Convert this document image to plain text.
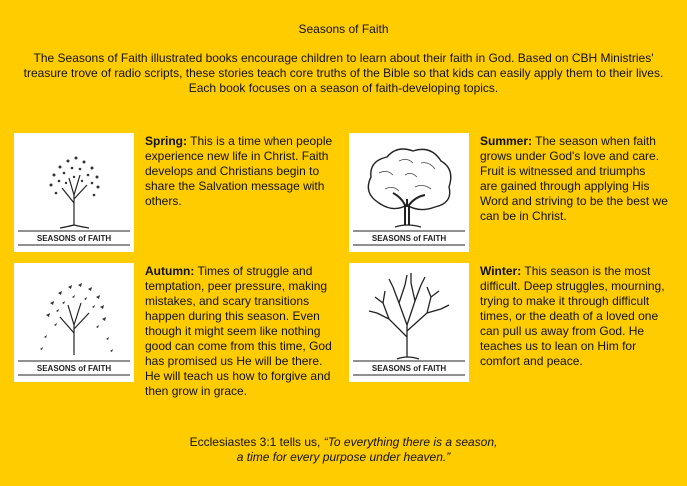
Seasons of Faith
The Seasons of Faith illustrated books encourage children to learn about their faith in God. Based on CBH Ministries'
treasure trove of radio scripts, these stories teach core truths of the Bible so that kids can easily apply them to their lives.
Each book focuses on a season of faith-developing topics.
SEASONS of FAITH
Spring: This is a time when people
experience new life in Christ. Faith
develops and Christians begin to
share the Salvation message with
others.
SEASONS of FAITH
Summer: The season when faith
grows under God's love and care.
Fruit is witnessed and triumphs
are gained through applying His
Word and striving to be the best we
can be in Christ.
SEASONS of FAITH
Autumn: Times of struggle and
temptation, peer pressure, making
mistakes, and scary transitions
happen during this season. Even
though it might seem like nothing
good can come from this time, God
has promised us He will be there.
He will teach us how to forgive and
then grow in grace.
SEASONS of FAITH
Winter: This season is the most
difficult. Deep struggles, mourning,
trying to make it through difficult
times, or the death of a loved one
can pull us away from God. He
teaches us to lean on Him for
comfort and peace.
Ecclesiastes 3:1 tells us, “To everything there is a season,
a time for every purpose under heaven.”
